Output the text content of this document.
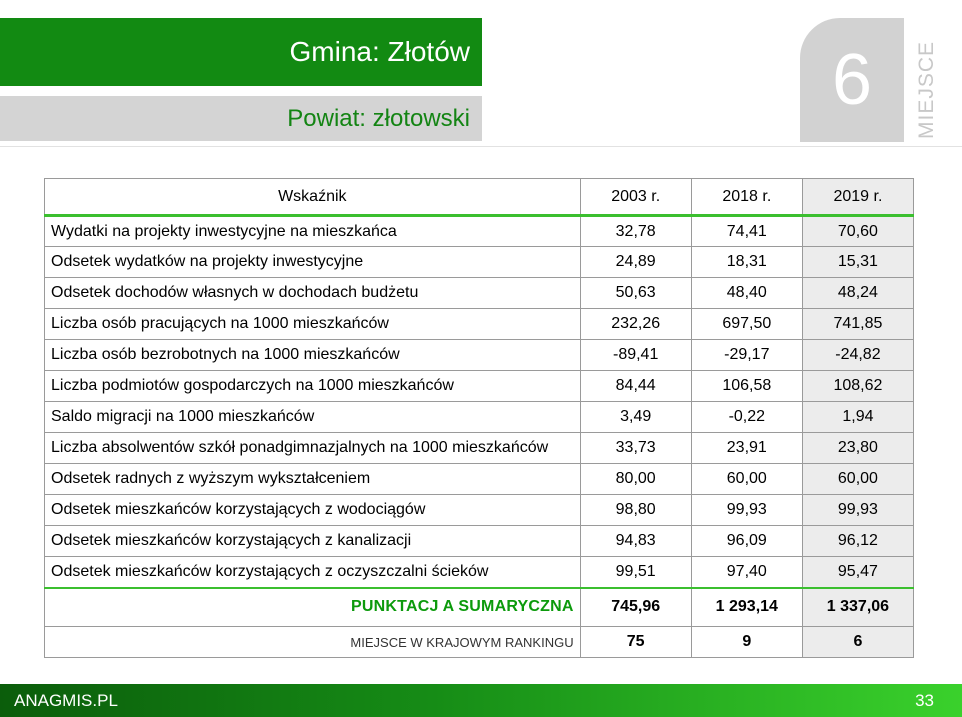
Gmina: Złotów
Powiat: złotowski	6 MIEJSCE
Wskaźnik	2003 r.	2018 r.	2019 r.
Wydatki na projekty inwestycyjne na mieszkańca	32,78	74,41	70,60
Odsetek wydatków na projekty inwestycyjne	24,89	18,31	15,31
Odsetek dochodów własnych w dochodach budżetu	50,63	48,40	48,24
Liczba osób pracujących na 1000 mieszkańców	232,26	697,50	741,85
Liczba osób bezrobotnych na 1000 mieszkańców	-89,41	-29,17	-24,82
Liczba podmiotów gospodarczych na 1000 mieszkańców	84,44	106,58	108,62
Saldo migracji na 1000 mieszkańców	3,49	-0,22	1,94
Liczba absolwentów szkół ponadgimnazjalnych na 1000 mieszkańców	33,73	23,91	23,80
Odsetek radnych z wyższym wykształceniem	80,00	60,00	60,00
Odsetek mieszkańców korzystających z wodociągów	98,80	99,93	99,93
Odsetek mieszkańców korzystających z kanalizacji	94,83	96,09	96,12
Odsetek mieszkańców korzystających z oczyszczalni ścieków	99,51	97,40	95,47
PUNKTACJ A SUMARYCZNA	745,96	1 293,14	1 337,06
MIEJSCE W KRAJOWYM RANKINGU	75	9	6
ANAGMIS.PL	33
